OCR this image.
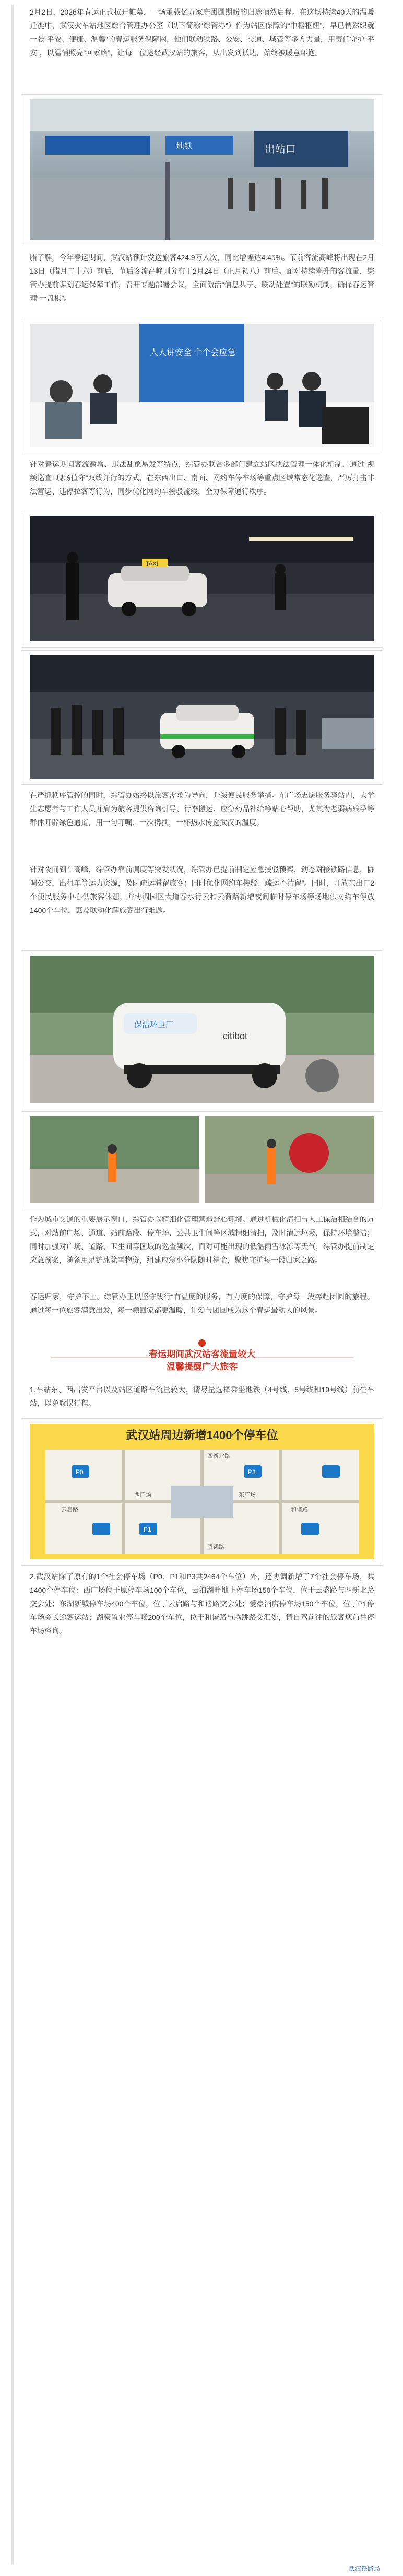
2月2日，2026年春运正式拉开帷幕，一场承载亿万家庭团圆期盼的归途悄然启程。在这场持续40天的温暖迁徙中，武汉火车站地区综合管理办公室（以下简称“综管办”）作为站区保障的“中枢枢纽”，早已悄然织就一张“平安、便捷、温馨”的春运服务保障网，他们联动铁路、公安、交通、城管等多方力量，用责任守护“平安”，以温情照亮“回家路”，让每一位途经武汉站的旅客，从出发到抵达，始终被暖意环抱。

出站口
地铁

腊了解，今年春运期间，武汉站预计发送旅客424.9万人次，同比增幅达4.45%。节前客流高峰将出现在2月13日（腊月二十六）前后，节后客流高峰则分布于2月24日（正月初八）前后。面对持续攀升的客流量，综管办提前谋划春运保障工作，召开专题部署会议，全面激活“信息共享、联动处置”的联勤机制，确保春运管理“一盘棋”。

人人讲安全 个个会应急

针对春运期间客流激增、违法乱象易发等特点，综管办联合多部门建立站区执法管理一体化机制，通过“视频巡查+现场值守”双线并行的方式，在东西出口、南面、网约车停车场等重点区域常态化巡查，严厉打击非法营运、违停拉客等行为，同步优化网约车接驳流线，全力保障通行秩序。

TAXI

在严抓秩序管控的同时，综管办始终以旅客需求为导向，升级便民服务举措。东广场志愿服务驿站内，大学生志愿者与工作人员并肩为旅客提供咨询引导、行李搬运、应急药品补给等贴心帮助，尤其为老弱病残孕等群体开辟绿色通道，用一句叮嘱、一次搀扶，一杯热水传递武汉的温度。

针对夜间到车高峰，综管办靠前调度等突发状况，综管办已提前制定应急接驳预案，动态对接铁路信息，协调公交，出租车等运力资源，及时疏运滞留旅客；同时优化网约车接驳、疏运不清留”。同时，开放东出口2个便民服务中心供旅客休憩，并协调园区大道春水行云和云荷路新增夜间临时停车场等场地供网约车停放1400个车位，惠及联动化解旅客出行难题。

保洁环卫厂
citibot

作为城市交通的重要展示窗口，综管办以精细化管理营造舒心环境。通过机械化清扫与人工保洁相结合的方式，对站前广场、通道、站前路段、停车场、公共卫生间等区域精细清扫，及时清运垃圾，保持环境整洁；同时加强对广场、道路、卫生间等区域的巡查频次，面对可能出现的低温雨雪冰冻等天气，综管办提前制定应急预案，随备用足铲冰除雪物资，组建应急小分队随时待命，聚焦守护每一段归家之路。

春运归家，守护不止。综管办正以坚守践行“有温度的服务，有力度的保障，守护每一段奔赴团圆的旅程。通过每一位旅客满意出发，每一颗回家都更温暖，让爱与团圆成为这个春运最动人的风景。

春运期间武汉站客流量较大
温馨提醒广大旅客

1.车站东、西出发平台以及站区道路车流量较大，请尽量选择乘坐地铁（4号线、5号线和19号线）前往车站，以免耽误行程。

武汉站周边新增1400个停车位
P0
P1
P3
西广场	东广场
和谐路
云启路
腾跳路
四新北路

2.武汉站除了原有的1个社会停车场（P0、P1和P3共2464个车位）外，还协调新增了7个社会停车场，共1400个停车位：西广场位于原停车场100个车位，云泊湖畔地上停车场150个车位，位于云盛路与四新北路交会处；东湖新城停车场400个车位，位于云启路与和谐路交会处；爱豪酒店停车场150个车位，位于P1停车场旁长途客运站；湖豪置业停车场200个车位，位于和谐路与腾跳路交汇处，请自驾前往的旅客您前往停车场咨询。

武汉铁路局
